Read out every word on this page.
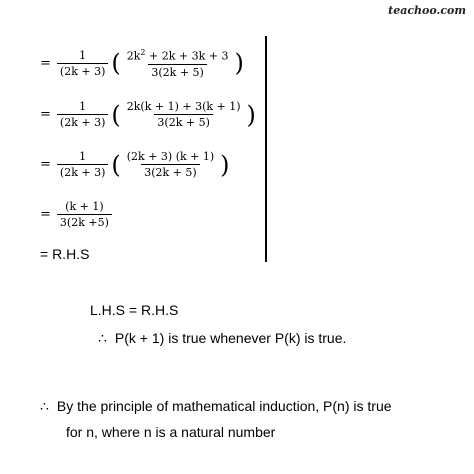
teachoo.com
= $\frac{1}{(2k + 3)}$ ( $\frac{2k^2 + 2k + 3k + 3}{3(2k + 5)}$ )
= $\frac{1}{(2k + 3)}$ ( $\frac{2k(k + 1) + 3(k + 1)}{3(2k + 5)}$ )
= $\frac{1}{(2k + 3)}$ ( $\frac{(2k + 3) (k + 1)}{3(2k + 5)}$ )
= $\frac{(k + 1)}{3(2k +5)}$
= R.H.S
L.H.S = R.H.S
∴ P(k + 1) is true whenever P(k) is true.
∴ By the principle of mathematical induction, P(n) is true
for n, where n is a natural number
